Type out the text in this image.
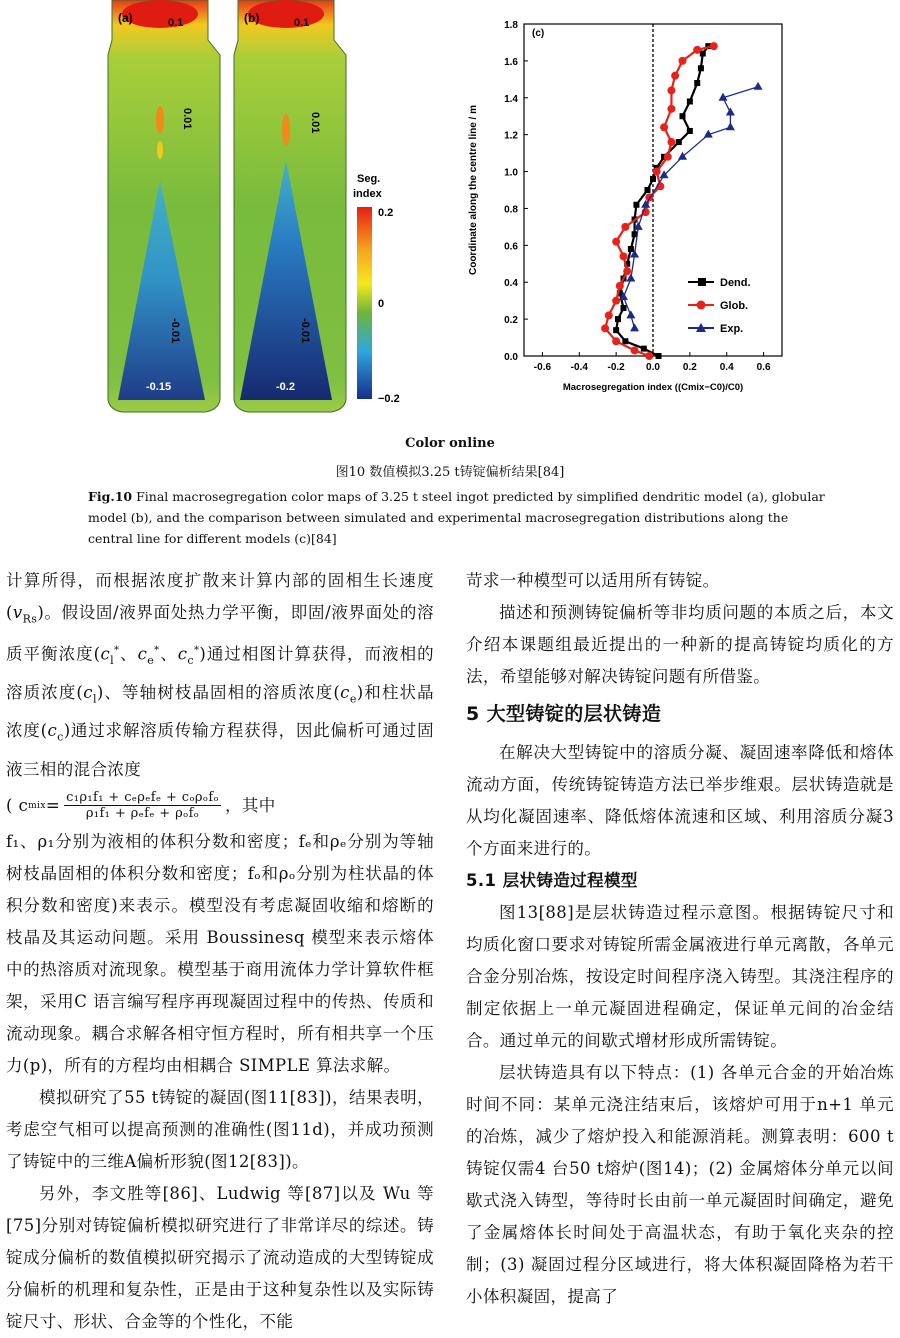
(a)	(b)
0.1	0.1
0.01	0.01
-0.01	-0.01
-0.15	-0.2
Seg.
index
0.2
0
−0.2
-0.6 -0.4 -0.2 0.0 0.2 0.4 0.6
0.0
0.2
0.4
0.6
0.8
1.0
1.2
1.4
1.6
1.8
(c)
Macrosegregation index ((Cmix−C0)/C0)
Coordinate along the centre line / m
Dend.
Glob.
Exp.
Color online
图10 数值模拟3.25 t铸锭偏析结果[84]
Fig.10 Final macrosegregation color maps of 3.25 t steel ingot predicted by simplified dendritic model (a), globular model (b), and the comparison between simulated and experimental macrosegregation distributions along the central line for different models (c)[84]

计算所得，而根据浓度扩散来计算内部的固相生长速度$(v_{Rs})$。假设固/液界面处热力学平衡，即固/液界面处的溶质平衡浓度($c_l^*$、$c_e^*$、$c_c^*$)通过相图计算获得，而液相的溶质浓度$(c_l)$、等轴树枝晶固相的溶质浓度$(c_e)$和柱状晶浓度$(c_c)$通过求解溶质传输方程获得，因此偏析可通过固液三相的混合浓度

( c mix = c₁ρ₁f₁ + cₑρₑfₑ + cₒρₒfₒ
ρ₁f₁ + ρₑfₑ + ρₒfₒ ，其中

f₁、ρ₁分别为液相的体积分数和密度；fₑ和ρₑ分别为等轴树枝晶固相的体积分数和密度；fₒ和ρₒ分别为柱状晶的体积分数和密度)来表示。模型没有考虑凝固收缩和熔断的枝晶及其运动问题。采用 Boussinesq 模型来表示熔体中的热溶质对流现象。模型基于商用流体力学计算软件框架，采用C 语言编写程序再现凝固过程中的传热、传质和流动现象。耦合求解各相守恒方程时，所有相共享一个压力(p)，所有的方程均由相耦合 SIMPLE 算法求解。

模拟研究了55 t铸锭的凝固(图11[83])，结果表明，考虑空气相可以提高预测的准确性(图11d)，并成功预测了铸锭中的三维A偏析形貌(图12[83])。

另外，李文胜等[86]、Ludwig 等[87]以及 Wu 等[75]分别对铸锭偏析模拟研究进行了非常详尽的综述。铸锭成分偏析的数值模拟研究揭示了流动造成的大型铸锭成分偏析的机理和复杂性，正是由于这种复杂性以及实际铸锭尺寸、形状、合金等的个性化，不能

苛求一种模型可以适用所有铸锭。

描述和预测铸锭偏析等非均质问题的本质之后，本文介绍本课题组最近提出的一种新的提高铸锭均质化的方法，希望能够对解决铸锭问题有所借鉴。

5 大型铸锭的层状铸造

在解决大型铸锭中的溶质分凝、凝固速率降低和熔体流动方面，传统铸锭铸造方法已举步维艰。层状铸造就是从均化凝固速率、降低熔体流速和区域、利用溶质分凝3个方面来进行的。

5.1 层状铸造过程模型

图13[88]是层状铸造过程示意图。根据铸锭尺寸和均质化窗口要求对铸锭所需金属液进行单元离散，各单元合金分别冶炼，按设定时间程序浇入铸型。其浇注程序的制定依据上一单元凝固进程确定，保证单元间的冶金结合。通过单元的间歇式增材形成所需铸锭。

层状铸造具有以下特点：(1) 各单元合金的开始冶炼时间不同：某单元浇注结束后，该熔炉可用于n+1 单元的冶炼，减少了熔炉投入和能源消耗。测算表明：600 t铸锭仅需4 台50 t熔炉(图14)；(2) 金属熔体分单元以间歇式浇入铸型，等待时长由前一单元凝固时间确定，避免了金属熔体长时间处于高温状态，有助于氧化夹杂的控制；(3) 凝固过程分区域进行，将大体积凝固降格为若干小体积凝固，提高了
